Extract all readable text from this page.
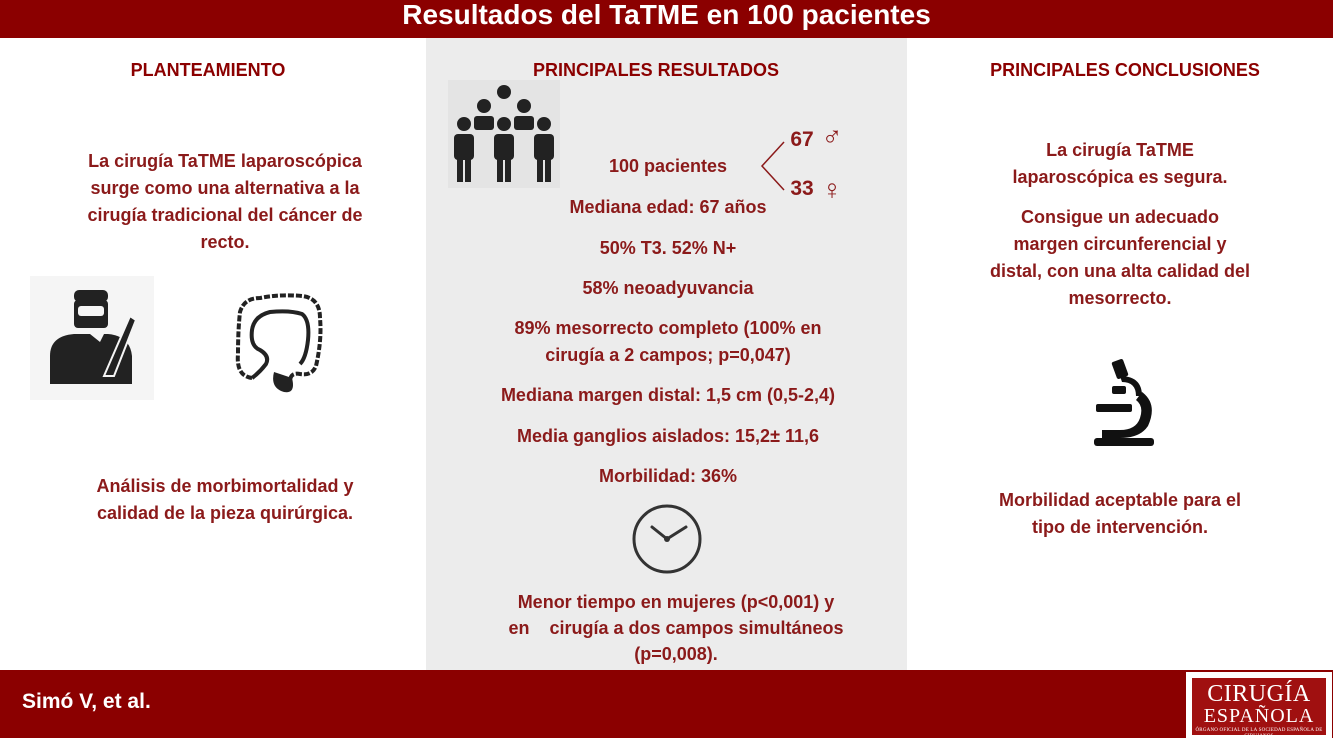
Resultados del TaTME en 100 pacientes
PLANTEAMIENTO
La cirugía TaTME laparoscópica
surge como una alternativa a la
cirugía tradicional del cáncer de
recto.
Análisis de morbimortalidad y
calidad de la pieza quirúrgica.
PRINCIPALES RESULTADOS
100 pacientes
67 ♂
33 ♀
Mediana edad: 67 años
50% T3. 52% N+
58% neoadyuvancia
89% mesorrecto completo (100% en
cirugía a 2 campos; p=0,047)
Mediana margen distal: 1,5 cm (0,5-2,4)
Media ganglios aislados: 15,2± 11,6
Morbilidad: 36%
Menor tiempo en mujeres (p<0,001) y
en    cirugía a dos campos simultáneos
(p=0,008).
PRINCIPALES CONCLUSIONES
La cirugía TaTME
laparoscópica es segura.
Consigue un adecuado
margen circunferencial y
distal, con una alta calidad del
mesorrecto.
Morbilidad aceptable para el
tipo de intervención.
Simó V, et al.	CIRUGÍA
ESPAÑOLA
ÓRGANO OFICIAL DE LA SOCIEDAD ESPAÑOLA DE CIRUJANOS
